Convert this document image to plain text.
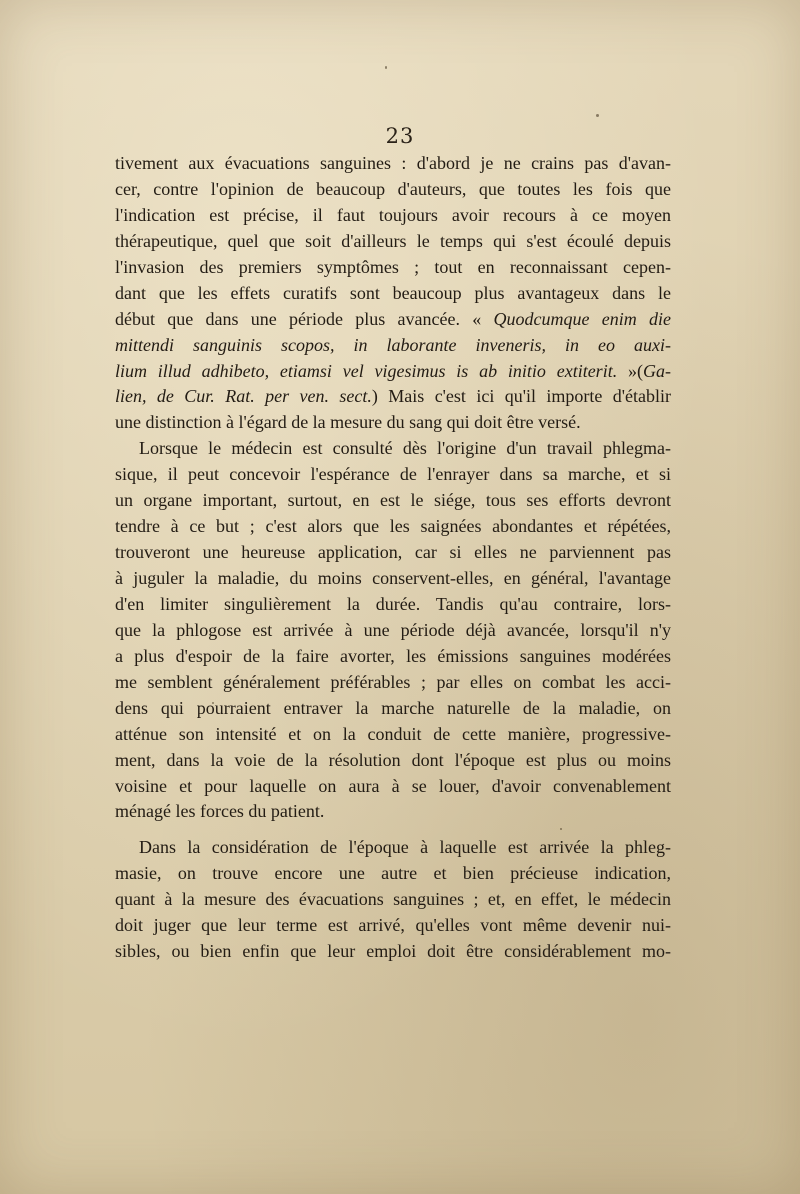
23
tivement aux évacuations sanguines : d'abord je ne crains pas d'avan-
cer, contre l'opinion de beaucoup d'auteurs, que toutes les fois que
l'indication est précise, il faut toujours avoir recours à ce moyen
thérapeutique, quel que soit d'ailleurs le temps qui s'est écoulé depuis
l'invasion des premiers symptômes ; tout en reconnaissant cepen-
dant que les effets curatifs sont beaucoup plus avantageux dans le
début que dans une période plus avancée. « Quodcumque enim die
mittendi sanguinis scopos, in laborante inveneris, in eo auxi-
lium illud adhibeto, etiamsi vel vigesimus is ab initio extiterit. »(Ga-
lien, de Cur. Rat. per ven. sect.) Mais c'est ici qu'il importe d'établir
une distinction à l'égard de la mesure du sang qui doit être versé.
Lorsque le médecin est consulté dès l'origine d'un travail phlegma-
sique, il peut concevoir l'espérance de l'enrayer dans sa marche, et si
un organe important, surtout, en est le siége, tous ses efforts devront
tendre à ce but ; c'est alors que les saignées abondantes et répétées,
trouveront une heureuse application, car si elles ne parviennent pas
à juguler la maladie, du moins conservent-elles, en général, l'avantage
d'en limiter singulièrement la durée. Tandis qu'au contraire, lors-
que la phlogose est arrivée à une période déjà avancée, lorsqu'il n'y
a plus d'espoir de la faire avorter, les émissions sanguines modérées
me semblent généralement préférables ; par elles on combat les acci-
dens qui pourraient entraver la marche naturelle de la maladie, on
atténue son intensité et on la conduit de cette manière, progressive-
ment, dans la voie de la résolution dont l'époque est plus ou moins
voisine et pour laquelle on aura à se louer, d'avoir convenablement
ménagé les forces du patient.
Dans la considération de l'époque à laquelle est arrivée la phleg-
masie, on trouve encore une autre et bien précieuse indication,
quant à la mesure des évacuations sanguines ; et, en effet, le médecin
doit juger que leur terme est arrivé, qu'elles vont même devenir nui-
sibles, ou bien enfin que leur emploi doit être considérablement mo-
